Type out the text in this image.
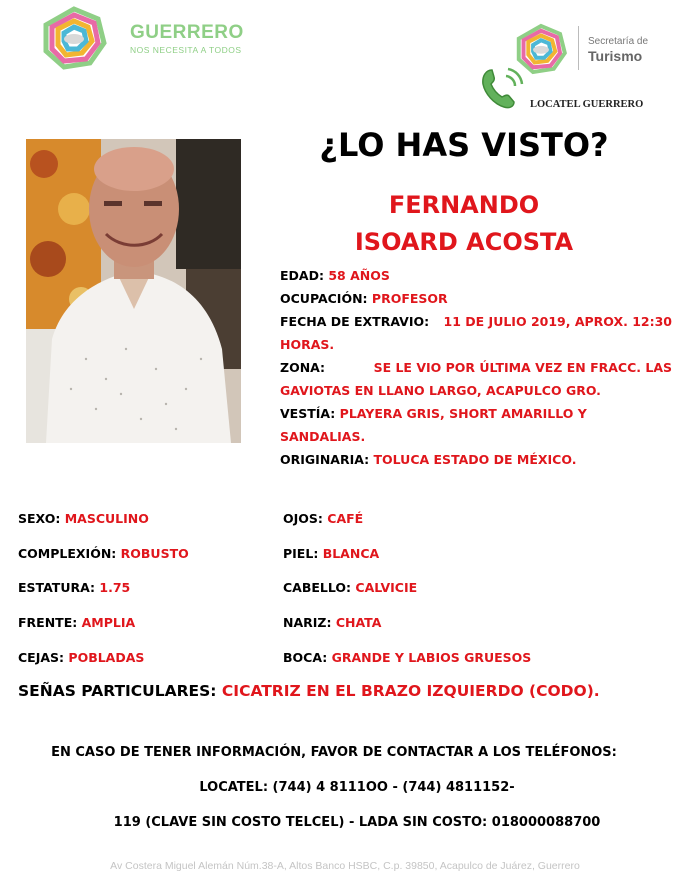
GUERRERO
NOS NECESITA A TODOS
Secretaría de
Turismo
LOCATEL GUERRERO
¿LO HAS VISTO?
FERNANDO
ISOARD ACOSTA
EDAD: 58 AÑOS
OCUPACIÓN: PROFESOR
FECHA DE EXTRAVIO: 11 DE JULIO 2019, APROX. 12:30
HORAS.
ZONA:	SE LE VIO POR ÚLTIMA VEZ EN FRACC. LAS
GAVIOTAS EN LLANO LARGO, ACAPULCO GRO.
VESTÍA: PLAYERA GRIS, SHORT AMARILLO Y SANDALIAS.
ORIGINARIA: TOLUCA ESTADO DE MÉXICO.
SEXO: MASCULINO
COMPLEXIÓN: ROBUSTO
ESTATURA: 1.75
FRENTE: AMPLIA
CEJAS: POBLADAS
OJOS: CAFÉ
PIEL: BLANCA
CABELLO: CALVICIE
NARIZ: CHATA
BOCA: GRANDE Y LABIOS GRUESOS
SEÑAS PARTICULARES: CICATRIZ EN EL BRAZO IZQUIERDO (CODO).
EN CASO DE TENER INFORMACIÓN, FAVOR DE CONTACTAR A LOS TELÉFONOS:
LOCATEL: (744) 4 8111OO - (744) 4811152-
119 (CLAVE SIN COSTO TELCEL) - LADA SIN COSTO: 018000088700
Av Costera Miguel Alemán Núm.38-A, Altos Banco HSBC, C.p. 39850, Acapulco de Juárez, Guerrero
